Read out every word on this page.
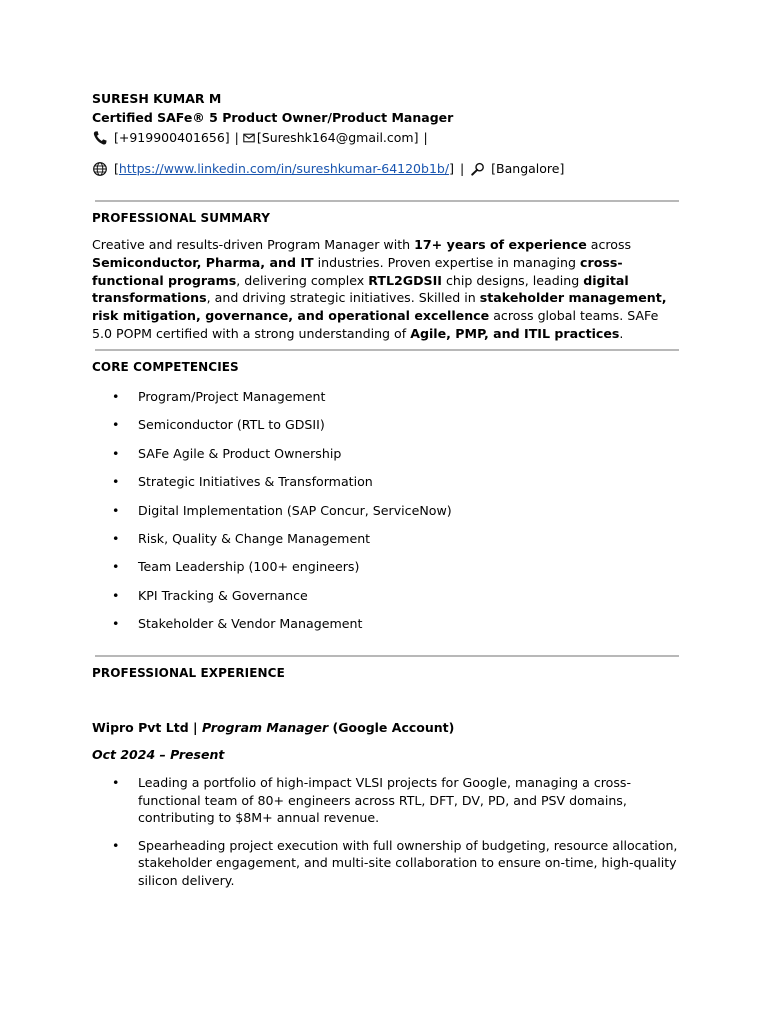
SURESH KUMAR M
Certified SAFe® 5 Product Owner/Product Manager
[+919900401656] | [Sureshk164@gmail.com] |
[ https://www.linkedin.com/in/sureshkumar-64120b1b/ ] | [Bangalore]
PROFESSIONAL SUMMARY
Creative and results-driven Program Manager with 17+ years of experience across Semiconductor, Pharma, and IT industries. Proven expertise in managing cross-functional programs, delivering complex RTL2GDSII chip designs, leading digital transformations, and driving strategic initiatives. Skilled in stakeholder management, risk mitigation, governance, and operational excellence across global teams. SAFe 5.0 POPM certified with a strong understanding of Agile, PMP, and ITIL practices.
CORE COMPETENCIES
• Program/Project Management
• Semiconductor (RTL to GDSII)
• SAFe Agile & Product Ownership
• Strategic Initiatives & Transformation
• Digital Implementation (SAP Concur, ServiceNow)
• Risk, Quality & Change Management
• Team Leadership (100+ engineers)
• KPI Tracking & Governance
• Stakeholder & Vendor Management
PROFESSIONAL EXPERIENCE
Wipro Pvt Ltd | Program Manager (Google Account)
Oct 2024 – Present
• Leading a portfolio of high-impact VLSI projects for Google, managing a cross-functional team of 80+ engineers across RTL, DFT, DV, PD, and PSV domains, contributing to $8M+ annual revenue.
• Spearheading project execution with full ownership of budgeting, resource allocation, stakeholder engagement, and multi-site collaboration to ensure on-time, high-quality silicon delivery.
